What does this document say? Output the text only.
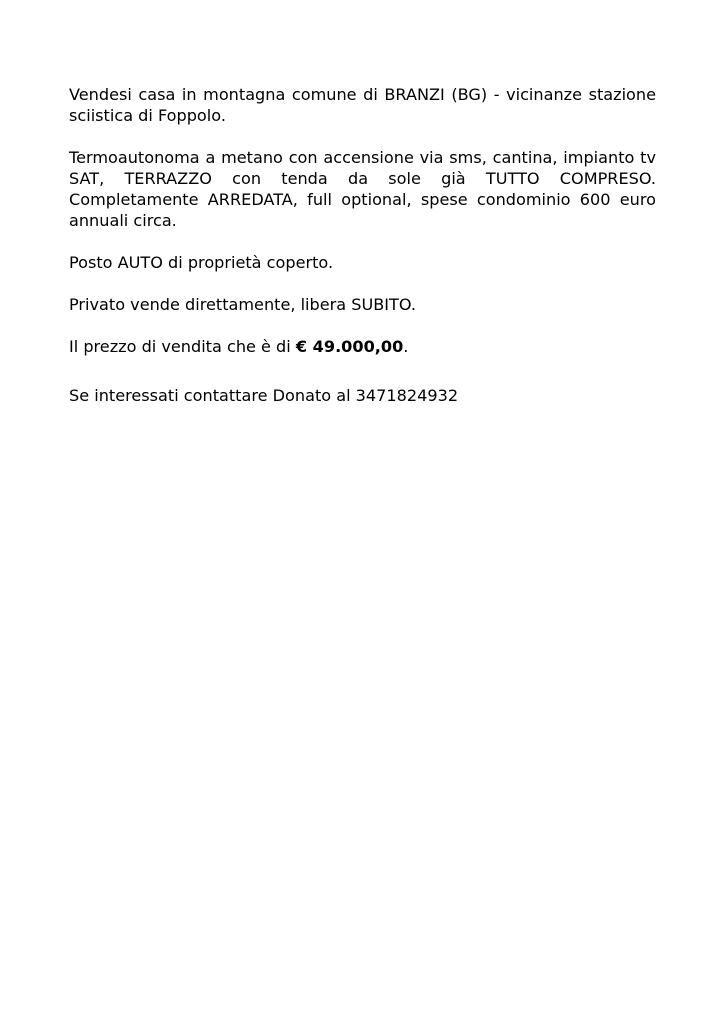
Vendesi casa in montagna comune di BRANZI (BG) - vicinanze stazione sciistica di Foppolo.

Termoautonoma a metano con accensione via sms, cantina, impianto tv SAT, TERRAZZO con tenda da sole già TUTTO COMPRESO. Completamente ARREDATA, full optional, spese condominio 600 euro annuali circa.

Posto AUTO di proprietà coperto.

Privato vende direttamente, libera SUBITO.

Il prezzo di vendita che è di € 49.000,00.

Se interessati contattare Donato al 3471824932
